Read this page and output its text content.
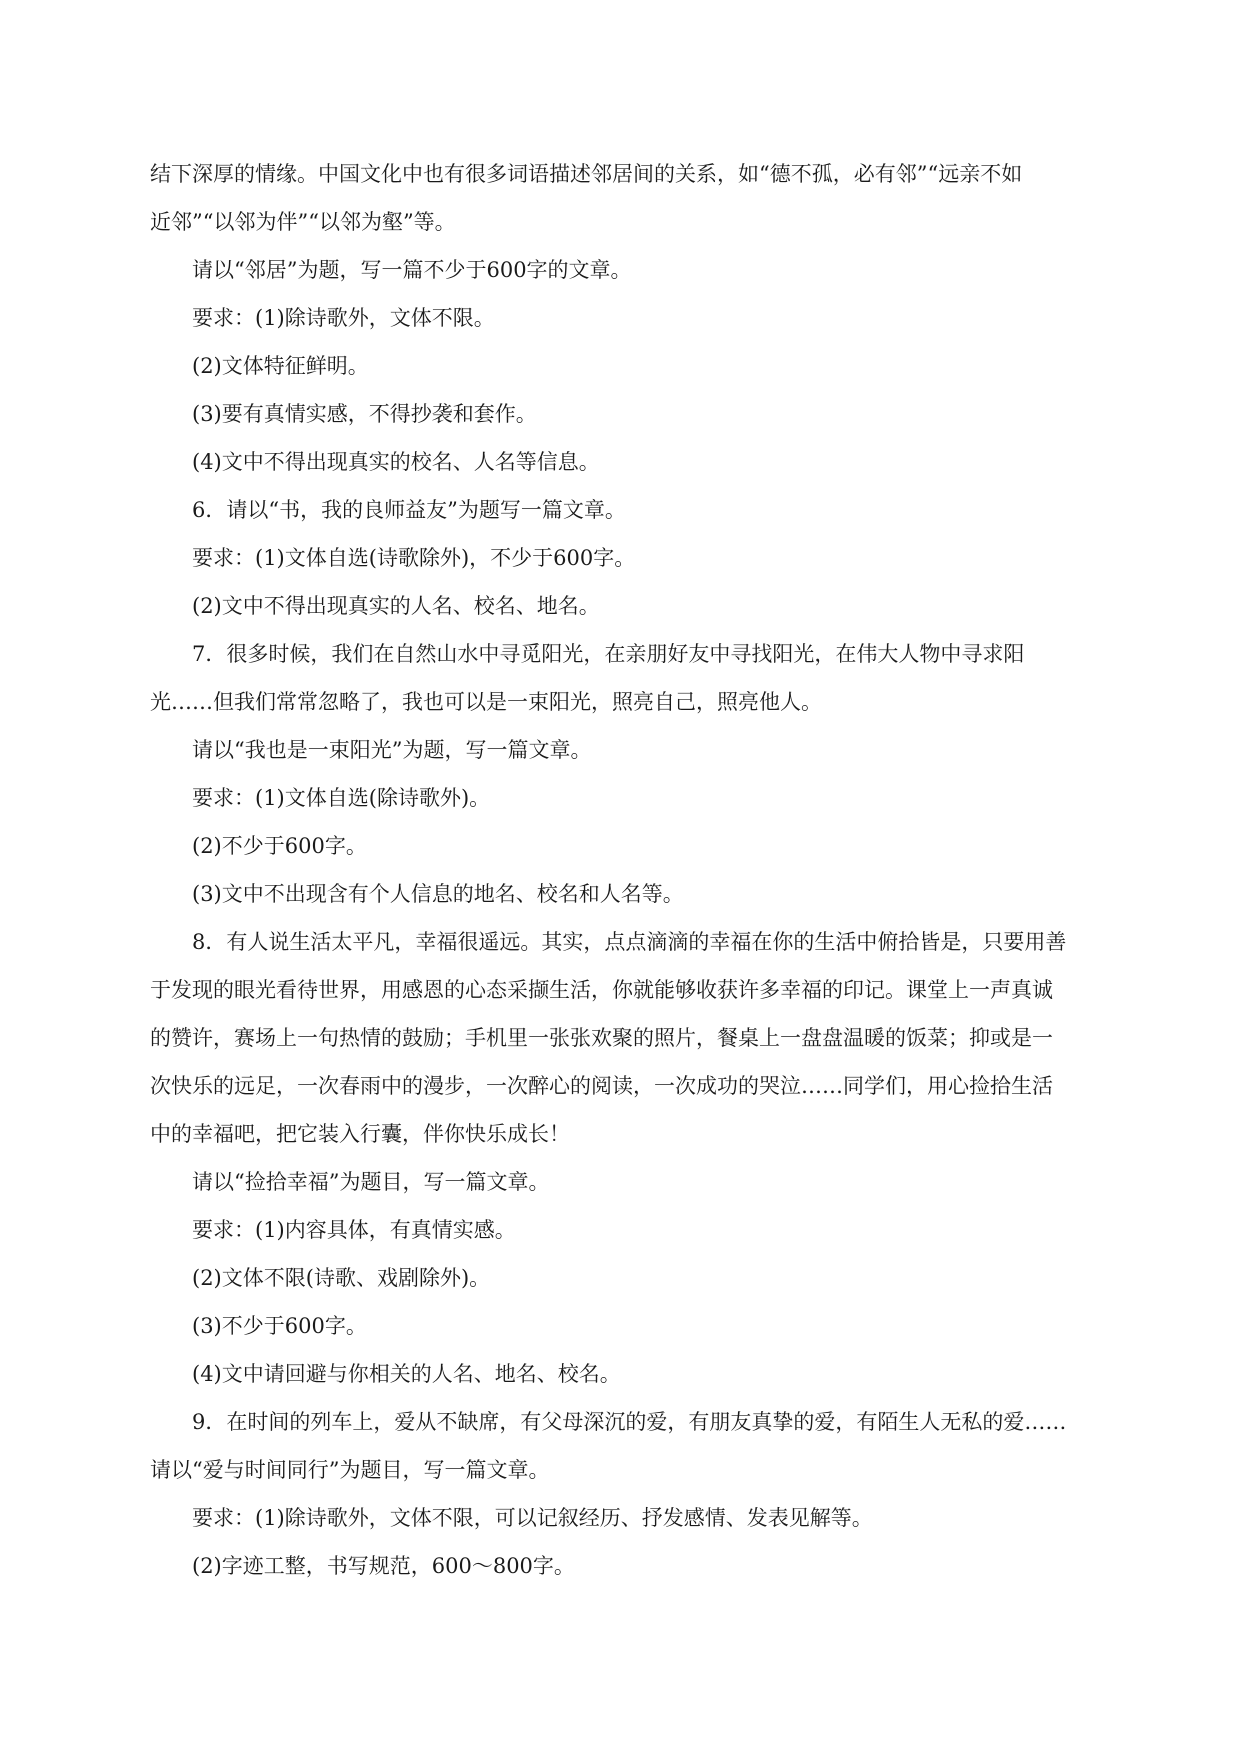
结下深厚的情缘。中国文化中也有很多词语描述邻居间的关系，如“德不孤，必有邻”“远亲不如

近邻”“以邻为伴”“以邻为壑”等。

请以“邻居”为题，写一篇不少于600字的文章。

要求：(1)除诗歌外，文体不限。

(2)文体特征鲜明。

(3)要有真情实感，不得抄袭和套作。

(4)文中不得出现真实的校名、人名等信息。

6．请以“书，我的良师益友”为题写一篇文章。

要求：(1)文体自选(诗歌除外)，不少于600字。

(2)文中不得出现真实的人名、校名、地名。

7．很多时候，我们在自然山水中寻觅阳光，在亲朋好友中寻找阳光，在伟大人物中寻求阳

光……但我们常常忽略了，我也可以是一束阳光，照亮自己，照亮他人。

请以“我也是一束阳光”为题，写一篇文章。

要求：(1)文体自选(除诗歌外)。

(2)不少于600字。

(3)文中不出现含有个人信息的地名、校名和人名等。

8．有人说生活太平凡，幸福很遥远。其实，点点滴滴的幸福在你的生活中俯拾皆是，只要用善

于发现的眼光看待世界，用感恩的心态采撷生活，你就能够收获许多幸福的印记。课堂上一声真诚

的赞许，赛场上一句热情的鼓励；手机里一张张欢聚的照片，餐桌上一盘盘温暖的饭菜；抑或是一

次快乐的远足，一次春雨中的漫步，一次醉心的阅读，一次成功的哭泣……同学们，用心捡拾生活

中的幸福吧，把它装入行囊，伴你快乐成长！

请以“捡拾幸福”为题目，写一篇文章。

要求：(1)内容具体，有真情实感。

(2)文体不限(诗歌、戏剧除外)。

(3)不少于600字。

(4)文中请回避与你相关的人名、地名、校名。

9．在时间的列车上，爱从不缺席，有父母深沉的爱，有朋友真挚的爱，有陌生人无私的爱……

请以“爱与时间同行”为题目，写一篇文章。

要求：(1)除诗歌外，文体不限，可以记叙经历、抒发感情、发表见解等。

(2)字迹工整，书写规范，600～800字。
